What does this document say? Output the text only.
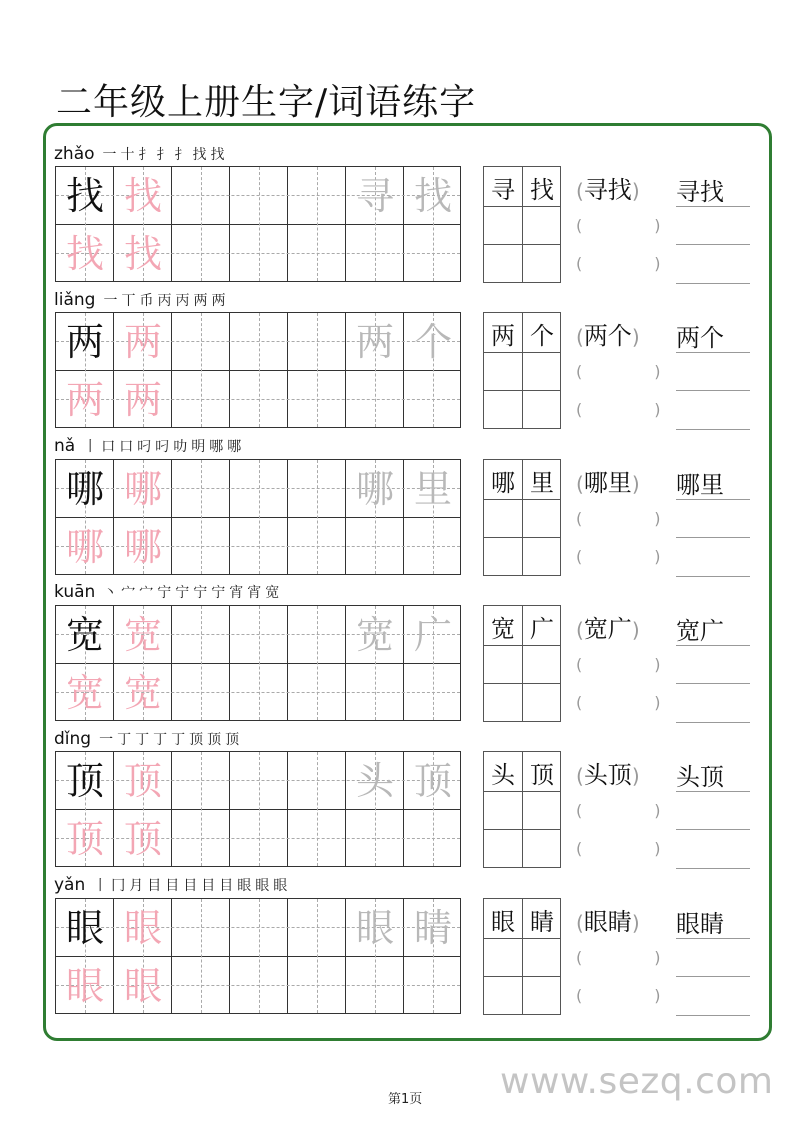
二年级上册生字/词语练字
zhǎo 一 十 扌 扌 扌 找 找
找 找
找 找
寻 找	寻 找	(寻找)
(     )
(     )
寻找
liǎng 一 丅 币 丙 丙 两 两
两 两
两 两
两 个	两 个	(两个)
(     )
(     )
两个
nǎ 丨 口 口 叼 叼 叻 明 哪 哪
哪 哪
哪 哪
哪 里	哪 里	(哪里)
(     )
(     )
哪里
kuān 丶 宀 宀 宁 宁 宁 宁 宵 宵 宽
宽 宽
宽 宽
宽 广	宽 广	(宽广)
(     )
(     )
宽广
dǐng 一 丁 丁 丁 丁 顶 顶 顶
顶 顶
顶 顶
头 顶	头 顶	(头顶)
(     )
(     )
头顶
yǎn 丨 冂 月 目 目 目 目 目 眼 眼 眼
眼 眼
眼 眼
眼 睛	眼 睛	(眼睛)
(     )
(     )
眼睛
www.sezq.com
第1页
